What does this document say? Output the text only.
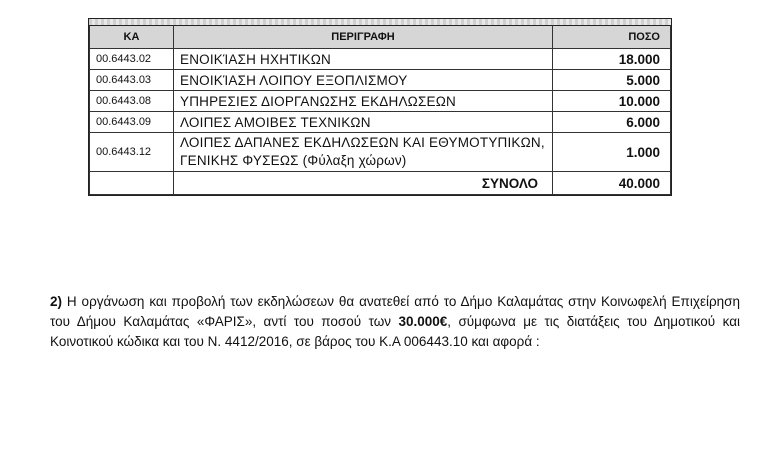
ΚΑ	ΠΕΡΙΓΡΑΦΗ	ΠΟΣΟ
00.6443.02	ΕΝΟΙΚΊΑΣΗ ΗΧΗΤΙΚΩΝ	18.000
00.6443.03	ΕΝΟΙΚΊΑΣΗ ΛΟΙΠΟΥ ΕΞΟΠΛΙΣΜΟΥ	5.000
00.6443.08	ΥΠΗΡΕΣΙΕΣ ΔΙΟΡΓΑΝΩΣΗΣ ΕΚΔΗΛΩΣΕΩΝ	10.000
00.6443.09	ΛΟΙΠΕΣ ΑΜΟΙΒΕΣ ΤΕΧΝΙΚΩΝ	6.000
00.6443.12	ΛΟΙΠΕΣ ΔΑΠΑΝΕΣ ΕΚΔΗΛΩΣΕΩΝ ΚΑΙ ΕΘΥΜΟΤΥΠΙΚΩΝ,
ΓΕΝΙΚΗΣ ΦΥΣΕΩΣ (Φύλαξη χώρων)	1.000
	ΣΥΝΟΛΟ	40.000
2) Η οργάνωση και προβολή των εκδηλώσεων θα ανατεθεί από το Δήμο Καλαμάτας στην Κοινωφελή Επιχείρηση του Δήμου Καλαμάτας «ΦΑΡΙΣ», αντί του ποσού των 30.000€, σύμφωνα με τις διατάξεις του Δημοτικού και Κοινοτικού κώδικα και του Ν. 4412/2016, σε βάρος του Κ.Α 006443.10 και αφορά :
